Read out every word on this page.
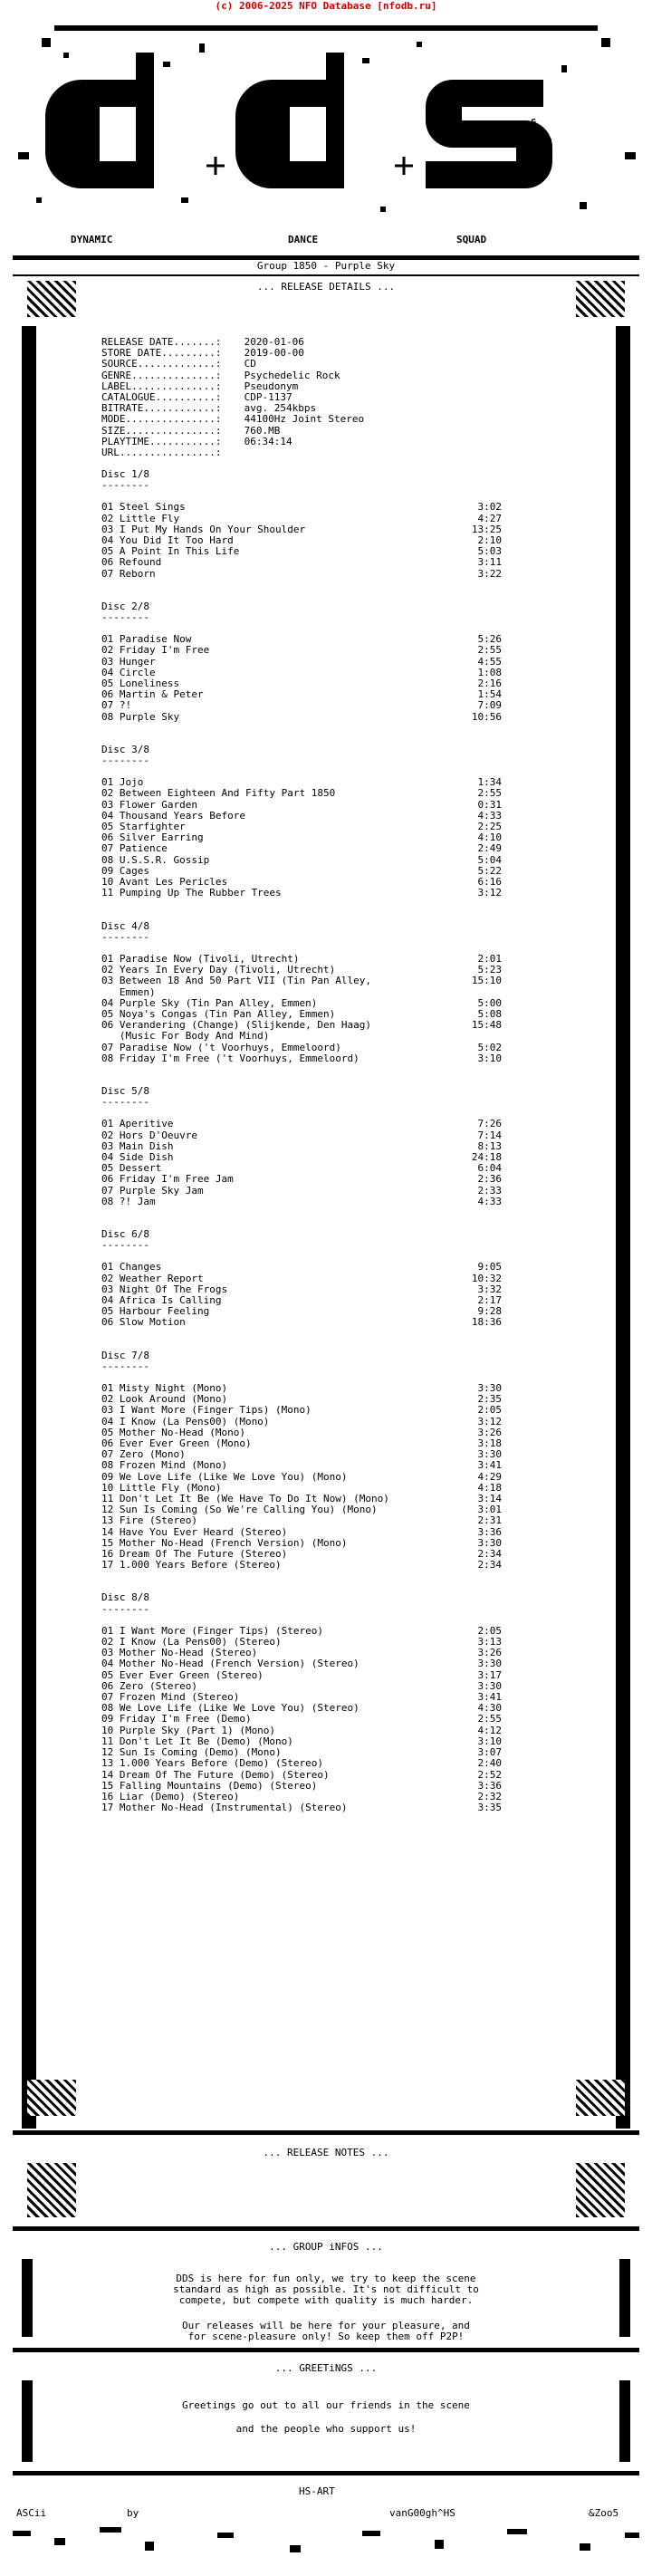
(c) 2006-2025 NFO Database [nfodb.ru]
G
O
O^HS
DYNAMIC	DANCE	SQUAD
Group 1850 - Purple Sky
... RELEASE DETAILS ...
RELEASE DATE.......:	2020-01-06
STORE DATE.........:	2019-00-00
SOURCE.............:	CD
GENRE..............:	Psychedelic Rock
LABEL..............:	Pseudonym
CATALOGUE..........:	CDP-1137
BITRATE............:	avg. 254kbps
MODE...............:	44100Hz Joint Stereo
SIZE...............:	760.MB
PLAYTIME...........:	06:34:14
URL................:

Disc 1/8
--------
01 Steel Sings	3:02
02 Little Fly	4:27
03 I Put My Hands On Your Shoulder	13:25
04 You Did It Too Hard	2:10
05 A Point In This Life	5:03
06 Refound	3:11
07 Reborn	3:22
Disc 2/8
--------
01 Paradise Now	5:26
02 Friday I'm Free	2:55
03 Hunger	4:55
04 Circle	1:08
05 Loneliness	2:16
06 Martin & Peter	1:54
07 ?!	7:09
08 Purple Sky	10:56
Disc 3/8
--------
01 Jojo	1:34
02 Between Eighteen And Fifty Part 1850	2:55
03 Flower Garden	0:31
04 Thousand Years Before	4:33
05 Starfighter	2:25
06 Silver Earring	4:10
07 Patience	2:49
08 U.S.S.R. Gossip	5:04
09 Cages	5:22
10 Avant Les Pericles	6:16
11 Pumping Up The Rubber Trees	3:12
Disc 4/8
--------
01 Paradise Now (Tivoli, Utrecht)	2:01
02 Years In Every Day (Tivoli, Utrecht)	5:23
03 Between 18 And 50 Part VII (Tin Pan Alley,
Emmen)
15:10
04 Purple Sky (Tin Pan Alley, Emmen)	5:00
05 Noya's Congas (Tin Pan Alley, Emmen)	5:08
06 Verandering (Change) (Slijkende, Den Haag)
(Music For Body And Mind)
15:48
07 Paradise Now ('t Voorhuys, Emmeloord)	5:02
08 Friday I'm Free ('t Voorhuys, Emmeloord)	3:10
Disc 5/8
--------
01 Aperitive	7:26
02 Hors D'Oeuvre	7:14
03 Main Dish	8:13
04 Side Dish	24:18
05 Dessert	6:04
06 Friday I'm Free Jam	2:36
07 Purple Sky Jam	2:33
08 ?! Jam	4:33
Disc 6/8
--------
01 Changes	9:05
02 Weather Report	10:32
03 Night Of The Frogs	3:32
04 Africa Is Calling	2:17
05 Harbour Feeling	9:28
06 Slow Motion	18:36
Disc 7/8
--------
01 Misty Night (Mono)	3:30
02 Look Around (Mono)	2:35
03 I Want More (Finger Tips) (Mono)	2:05
04 I Know (La Pens00) (Mono)	3:12
05 Mother No-Head (Mono)	3:26
06 Ever Ever Green (Mono)	3:18
07 Zero (Mono)	3:30
08 Frozen Mind (Mono)	3:41
09 We Love Life (Like We Love You) (Mono)	4:29
10 Little Fly (Mono)	4:18
11 Don't Let It Be (We Have To Do It Now) (Mono)	3:14
12 Sun Is Coming (So We're Calling You) (Mono)	3:01
13 Fire (Stereo)	2:31
14 Have You Ever Heard (Stereo)	3:36
15 Mother No-Head (French Version) (Mono)	3:30
16 Dream Of The Future (Stereo)	2:34
17 1.000 Years Before (Stereo)	2:34
Disc 8/8
--------
01 I Want More (Finger Tips) (Stereo)	2:05
02 I Know (La Pens00) (Stereo)	3:13
03 Mother No-Head (Stereo)	3:26
04 Mother No-Head (French Version) (Stereo)	3:30
05 Ever Ever Green (Stereo)	3:17
06 Zero (Stereo)	3:30
07 Frozen Mind (Stereo)	3:41
08 We Love Life (Like We Love You) (Stereo)	4:30
09 Friday I'm Free (Demo)	2:55
10 Purple Sky (Part 1) (Mono)	4:12
11 Don't Let It Be (Demo) (Mono)	3:10
12 Sun Is Coming (Demo) (Mono)	3:07
13 1.000 Years Before (Demo) (Stereo)	2:40
14 Dream Of The Future (Demo) (Stereo)	2:52
15 Falling Mountains (Demo) (Stereo)	3:36
16 Liar (Demo) (Stereo)	2:32
17 Mother No-Head (Instrumental) (Stereo)	3:35
... RELEASE NOTES ...
... GROUP iNFOS ...
DDS is here for fun only, we try to keep the scene
standard as high as possible. It's not difficult to
compete, but compete with quality is much harder.
Our releases will be here for your pleasure, and
for scene-pleasure only! So keep them off P2P!
... GREETiNGS ...
Greetings go out to all our friends in the scene
and the people who support us!
HS-ART
ASCii	by	vanG00gh^HS	&Zoo5
